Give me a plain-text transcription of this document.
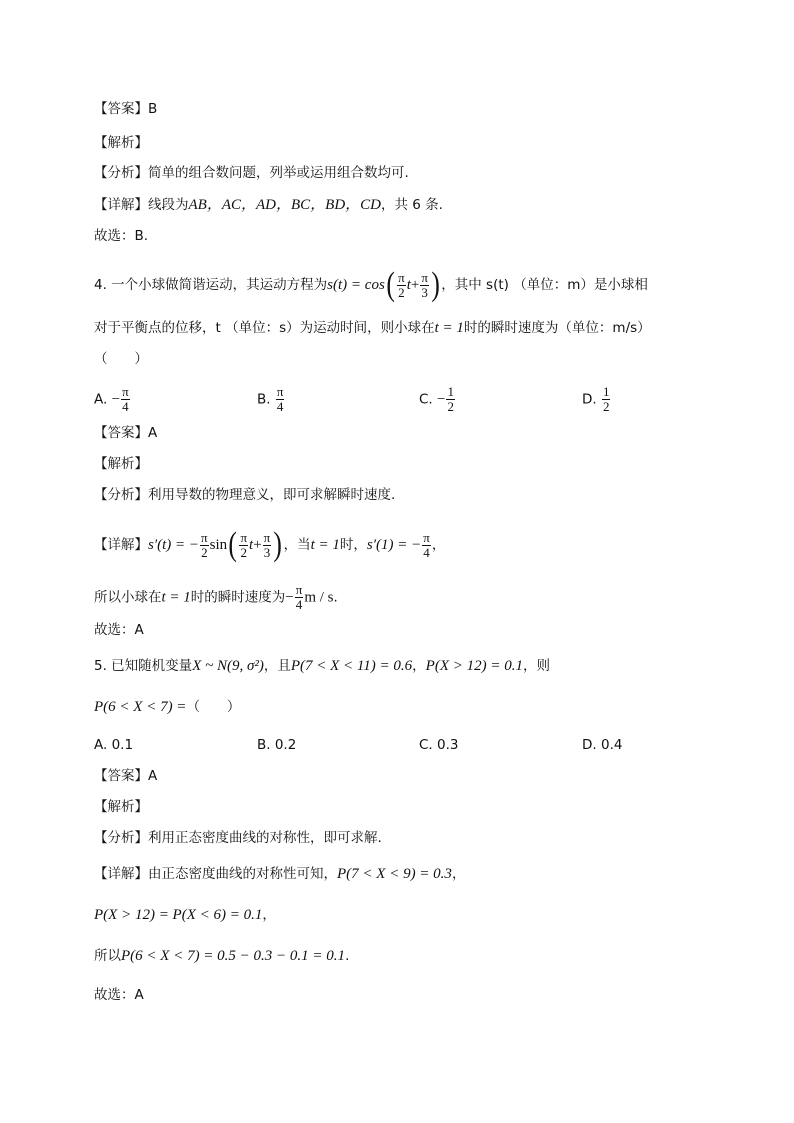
【答案】B
【解析】
【分析】简单的组合数问题，列举或运用组合数均可.
【详解】线段为AB，AC，AD，BC，BD，CD，共 6 条.
故选：B.
4. 一个小球做简谐运动，其运动方程为$s(t) = \cos( \frac{\pi}{2} t+ \frac{\pi}{3}$ )，其中 s(t) （单位：m）是小球相
对于平衡点的位移，t （单位：s）为运动时间，则小球在t = 1时的瞬时速度为（单位：m/s）
（　　）
A. − $\frac{\pi}{4}$	B. $\frac{\pi}{4}$	C. − $\frac{1}{2}$	D. $\frac{1}{2}$
【答案】A
【解析】
【分析】利用导数的物理意义，即可求解瞬时速度.
【详解】s′(t) = − $\frac{\pi}{2} \sin( \frac{\pi}{2} t+ \frac{\pi}{3}$ )，当t = 1时，s′(1) = − $\frac{\pi}{4}$ ，
所以小球在t = 1时的瞬时速度为− $\frac{\pi}{4}$ m / s.
故选：A
5. 已知随机变量X ~ N(9, σ²)，且P(7 < X < 11) = 0.6，P(X > 12) = 0.1，则
P(6 < X < 7) =（　　）
A. 0.1	B. 0.2	C. 0.3	D. 0.4
【答案】A
【解析】
【分析】利用正态密度曲线的对称性，即可求解.
【详解】由正态密度曲线的对称性可知，P(7 < X < 9) = 0.3，
P(X > 12) = P(X < 6) = 0.1，
所以P(6 < X < 7) = 0.5 − 0.3 − 0.1 = 0.1.
故选：A
